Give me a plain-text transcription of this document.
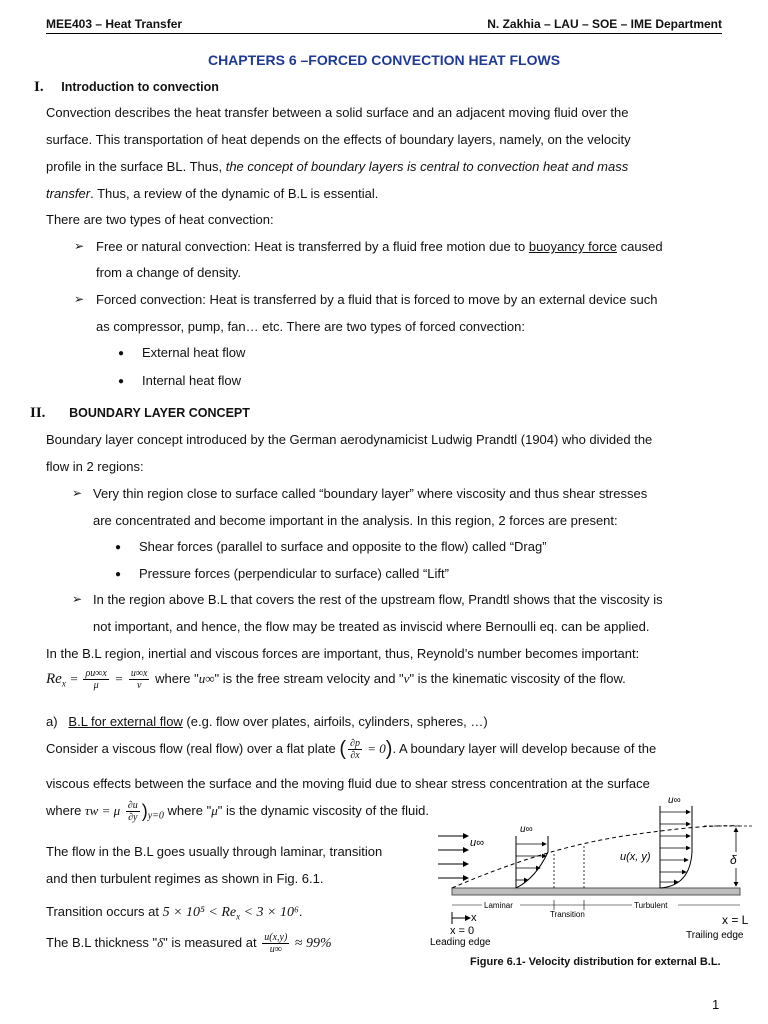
MEE403 – Heat Transfer	N. Zakhia – LAU – SOE – IME Department
CHAPTERS 6 –FORCED CONVECTION HEAT FLOWS
I. Introduction to convection
Convection describes the heat transfer between a solid surface and an adjacent moving fluid over the
surface. This transportation of heat depends on the effects of boundary layers, namely, on the velocity
profile in the surface BL. Thus, the concept of boundary layers is central to convection heat and mass
transfer. Thus, a review of the dynamic of B.L is essential.
There are two types of heat convection:
➢ Free or natural convection: Heat is transferred by a fluid free motion due to buoyancy force caused
from a change of density.
➢ Forced convection: Heat is transferred by a fluid that is forced to move by an external device such
as compressor, pump, fan… etc. There are two types of forced convection:
● External heat flow
● Internal heat flow
II. BOUNDARY LAYER CONCEPT
Boundary layer concept introduced by the German aerodynamicist Ludwig Prandtl (1904) who divided the
flow in 2 regions:
➢ Very thin region close to surface called “boundary layer” where viscosity and thus shear stresses
are concentrated and become important in the analysis. In this region, 2 forces are present:
● Shear forces (parallel to surface and opposite to the flow) called “Drag”
● Pressure forces (perpendicular to surface) called “Lift”
➢ In the region above B.L that covers the rest of the upstream flow, Prandtl shows that the viscosity is
not important, and hence, the flow may be treated as inviscid where Bernoulli eq. can be applied.
In the B.L region, inertial and viscous forces are important, thus, Reynold’s number becomes important:
$Re_x = \frac{\rho u\infty x}{\mu} = \frac{u\infty x}{\nu}$ where "u∞" is the free stream velocity and "ν" is the kinematic viscosity of the flow.
a) B.L for external flow (e.g. flow over plates, airfoils, cylinders, spheres, …)
Consider a viscous flow (real flow) over a flat plate ( $\frac{\partial p}{\partial x} = 0$). A boundary layer will develop because of the
viscous effects between the surface and the moving fluid due to shear stress concentration at the surface
where τw = μ $\frac{\partial u}{\partial y} )_{y=0}$ where "μ" is the dynamic viscosity of the fluid.
The flow in the B.L goes usually through laminar, transition
and then turbulent regimes as shown in Fig. 6.1.
Transition occurs at $5 \times 10^5 < Re_x < 3 \times 10^6$.
The B.L thickness "δ" is measured at $\frac{u(x,y)}{u\infty} \approx 99\%$
u∞
u∞
u∞
u(x, y)	δ
Laminar
Transition
Turbulent
x
x = 0
Leading edge
x = L
Trailing edge
Figure 6.1- Velocity distribution for external B.L.
1
